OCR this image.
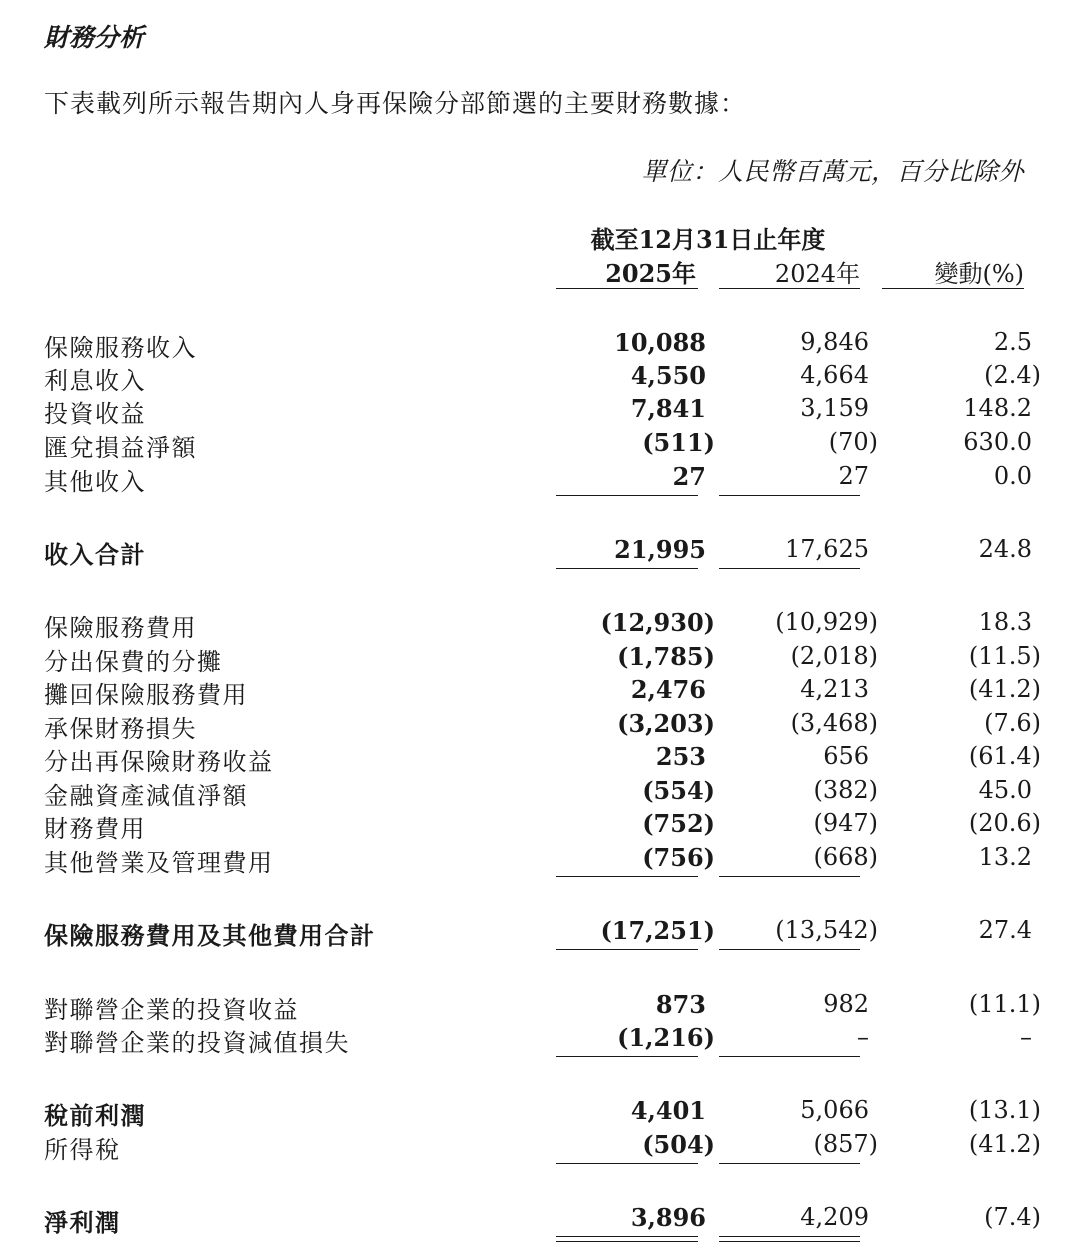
財務分析
下表載列所示報告期內人身再保險分部節選的主要財務數據：
單位：人民幣百萬元，百分比除外
截至12月31日止年度
2025年	2024年	變動(%)
保險服務收入	10,088	9,846	2.5
利息收入	4,550	4,664	(2.4)
投資收益	7,841	3,159	148.2
匯兌損益淨額	(511)	(70)	630.0
其他收入	27	27	0.0
收入合計	21,995	17,625	24.8
保險服務費用	(12,930)	(10,929)	18.3
分出保費的分攤	(1,785)	(2,018)	(11.5)
攤回保險服務費用	2,476	4,213	(41.2)
承保財務損失	(3,203)	(3,468)	(7.6)
分出再保險財務收益	253	656	(61.4)
金融資產減值淨額	(554)	(382)	45.0
財務費用	(752)	(947)	(20.6)
其他營業及管理費用	(756)	(668)	13.2
保險服務費用及其他費用合計	(17,251)	(13,542)	27.4
對聯營企業的投資收益	873	982	(11.1)
對聯營企業的投資減值損失	(1,216)	–	–
稅前利潤	4,401	5,066	(13.1)
所得稅	(504)	(857)	(41.2)
淨利潤	3,896	4,209	(7.4)
